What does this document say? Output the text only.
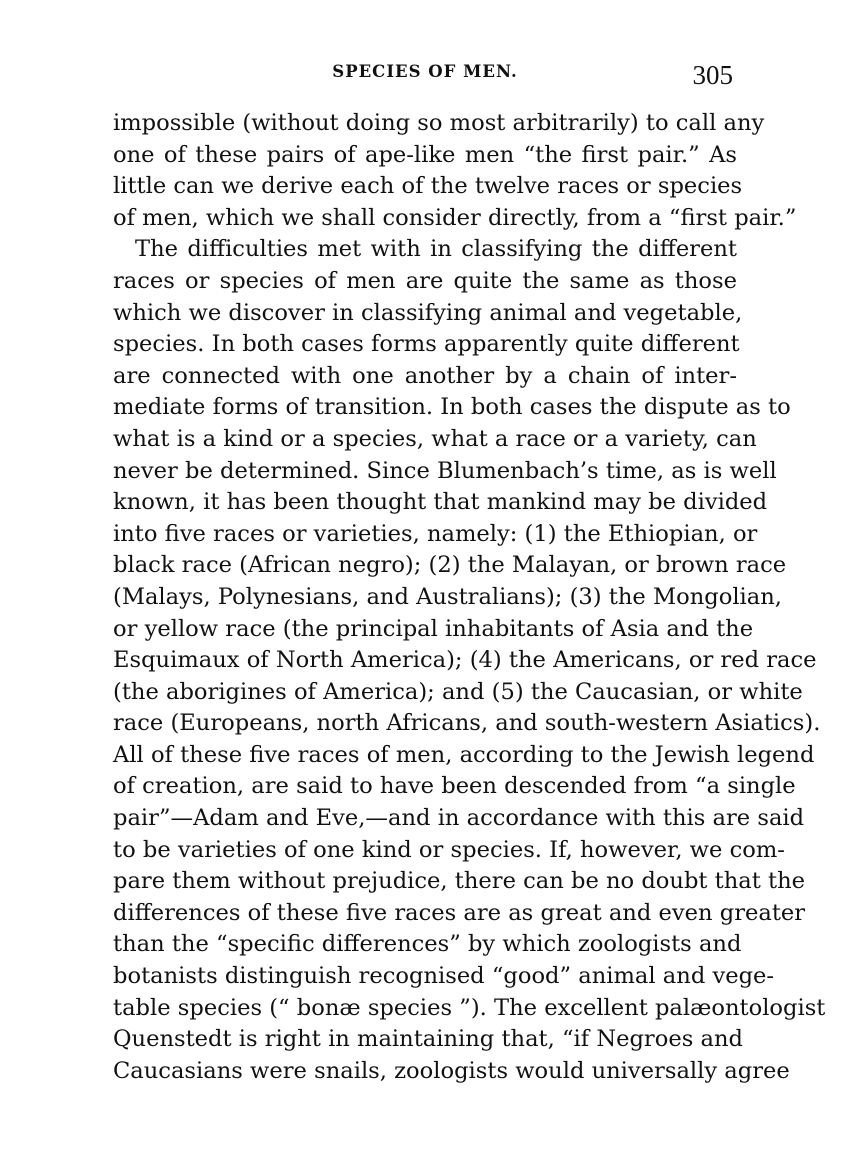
SPECIES OF MEN.	305
impossible (without doing so most arbitrarily) to call any
one of these pairs of ape-like men “the first pair.” As
little can we derive each of the twelve races or species
of men, which we shall consider directly, from a “first pair.”
The difficulties met with in classifying the different
races or species of men are quite the same as those
which we discover in classifying animal and vegetable,
species. In both cases forms apparently quite different
are connected with one another by a chain of inter-
mediate forms of transition. In both cases the dispute as to
what is a kind or a species, what a race or a variety, can
never be determined. Since Blumenbach’s time, as is well
known, it has been thought that mankind may be divided
into five races or varieties, namely: (1) the Ethiopian, or
black race (African negro); (2) the Malayan, or brown race
(Malays, Polynesians, and Australians); (3) the Mongolian,
or yellow race (the principal inhabitants of Asia and the
Esquimaux of North America); (4) the Americans, or red race
(the aborigines of America); and (5) the Caucasian, or white
race (Europeans, north Africans, and south-western Asiatics).
All of these five races of men, according to the Jewish legend
of creation, are said to have been descended from “a single
pair”—Adam and Eve,—and in accordance with this are said
to be varieties of one kind or species. If, however, we com-
pare them without prejudice, there can be no doubt that the
differences of these five races are as great and even greater
than the “specific differences” by which zoologists and
botanists distinguish recognised “good” animal and vege-
table species (“ bonæ species ”). The excellent palæontologist
Quenstedt is right in maintaining that, “if Negroes and
Caucasians were snails, zoologists would universally agree
